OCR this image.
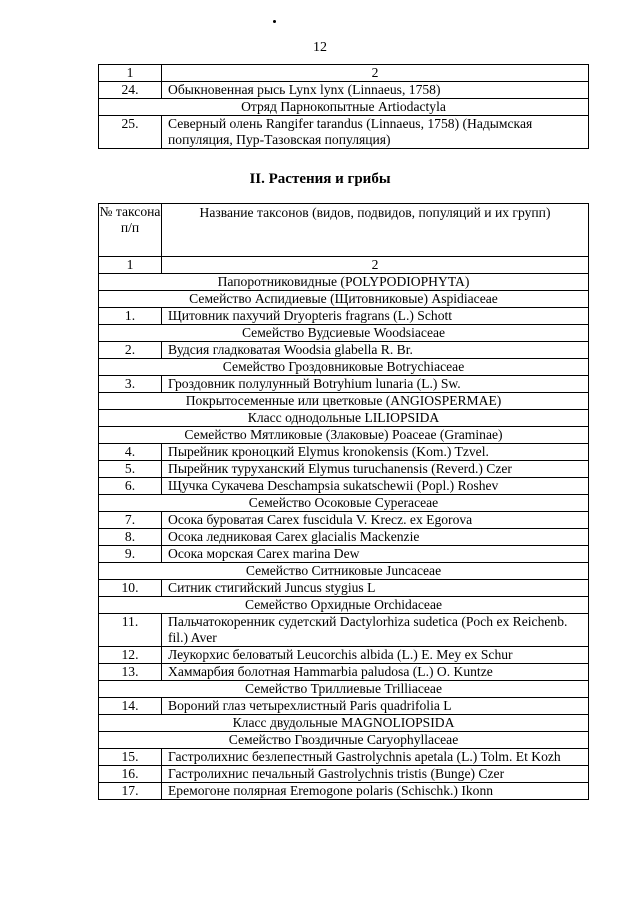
12
1	2
24.	Обыкновенная рысь Lynx lynx (Linnaeus, 1758)
Отряд Парнокопытные Artiodactyla	
25.	Северный олень Rangifer tarandus (Linnaeus, 1758) (Надымская популяция, Пур-Тазовская популяция)
II. Растения и грибы
№ таксона п/п	Название таксонов (видов, подвидов, популяций и их групп)
1	2
Папоротниковидные (POLYPODIOPHYTA)	
Семейство Аспидиевые (Щитовниковые) Aspidiaceae	
1.	Щитовник пахучий Dryopteris fragrans (L.) Schott
Семейство Вудсиевые Woodsiaceae	
2.	Вудсия гладковатая Woodsia glabella R. Br.
Семейство Гроздовниковые Botrychiaceae	
3.	Гроздовник полулунный Botryhium lunaria (L.) Sw.
Покрытосеменные или цветковые (ANGIOSPERMAE)	
Класс однодольные LILIOPSIDA	
Семейство Мятликовые (Злаковые) Poaceae (Graminae)	
4.	Пырейник кроноцкий Elymus kronokensis (Kom.) Tzvel.
5.	Пырейник туруханский Elymus turuchanensis (Reverd.) Czer
6.	Щучка Сукачева Deschampsia sukatschewii (Popl.) Roshev
Семейство Осоковые Cyperaceae	
7.	Осока буроватая Carex fuscidula V. Krecz. ex Egorova
8.	Осока ледниковая Carex glacialis Mackenzie
9.	Осока морская Carex marina Dew
Семейство Ситниковые Juncaceae	
10.	Ситник стигийский Juncus stygius L
Семейство Орхидные Orchidaceae	
11.	Пальчатокоренник судетский Dactylorhiza sudetica (Poch ex Reichenb. fil.) Aver
12.	Леукорхис беловатый Leucorchis albida (L.) E. Mey ex Schur
13.	Хаммарбия болотная Hammarbia paludosa (L.) O. Kuntze
Семейство Триллиевые Trilliaceae	
14.	Вороний глаз четырехлистный Paris quadrifolia L
Класс двудольные MAGNOLIOPSIDA	
Семейство Гвоздичные Caryophyllaceae	
15.	Гастролихнис безлепестный Gastrolychnis apetala (L.) Tolm. Et Kozh
16.	Гастролихнис печальный Gastrolychnis tristis (Bunge) Czer
17.	Еремогоне полярная Eremogone polaris (Schischk.) Ikonn
